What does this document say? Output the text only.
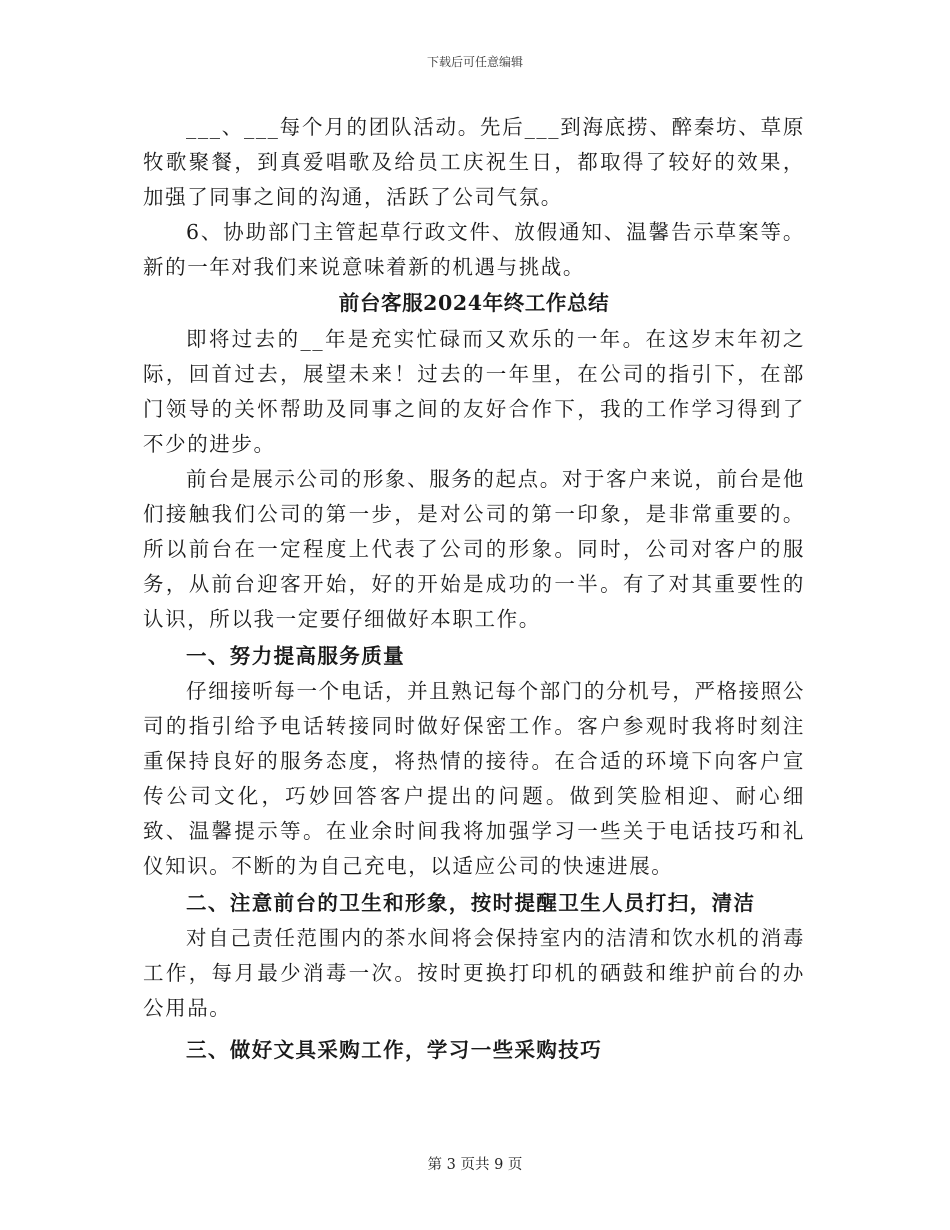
下载后可任意编辑

___、___每个月的团队活动。先后___到海底捞、醉秦坊、草原牧歌聚餐，到真爱唱歌及给员工庆祝生日，都取得了较好的效果，加强了同事之间的沟通，活跃了公司气氛。

6、协助部门主管起草行政文件、放假通知、温馨告示草案等。新的一年对我们来说意味着新的机遇与挑战。

前台客服2024年终工作总结

即将过去的__年是充实忙碌而又欢乐的一年。在这岁末年初之际，回首过去，展望未来！过去的一年里，在公司的指引下，在部门领导的关怀帮助及同事之间的友好合作下，我的工作学习得到了不少的进步。

前台是展示公司的形象、服务的起点。对于客户来说，前台是他们接触我们公司的第一步，是对公司的第一印象，是非常重要的。所以前台在一定程度上代表了公司的形象。同时，公司对客户的服务，从前台迎客开始，好的开始是成功的一半。有了对其重要性的认识，所以我一定要仔细做好本职工作。

一、努力提高服务质量

仔细接听每一个电话，并且熟记每个部门的分机号，严格接照公司的指引给予电话转接同时做好保密工作。客户参观时我将时刻注重保持良好的服务态度，将热情的接待。在合适的环境下向客户宣传公司文化，巧妙回答客户提出的问题。做到笑脸相迎、耐心细致、温馨提示等。在业余时间我将加强学习一些关于电话技巧和礼仪知识。不断的为自己充电，以适应公司的快速进展。

二、注意前台的卫生和形象，按时提醒卫生人员打扫，清洁

对自己责任范围内的茶水间将会保持室内的洁清和饮水机的消毒工作，每月最少消毒一次。按时更换打印机的硒鼓和维护前台的办公用品。

三、做好文具采购工作，学习一些采购技巧
第 3 页共 9 页
